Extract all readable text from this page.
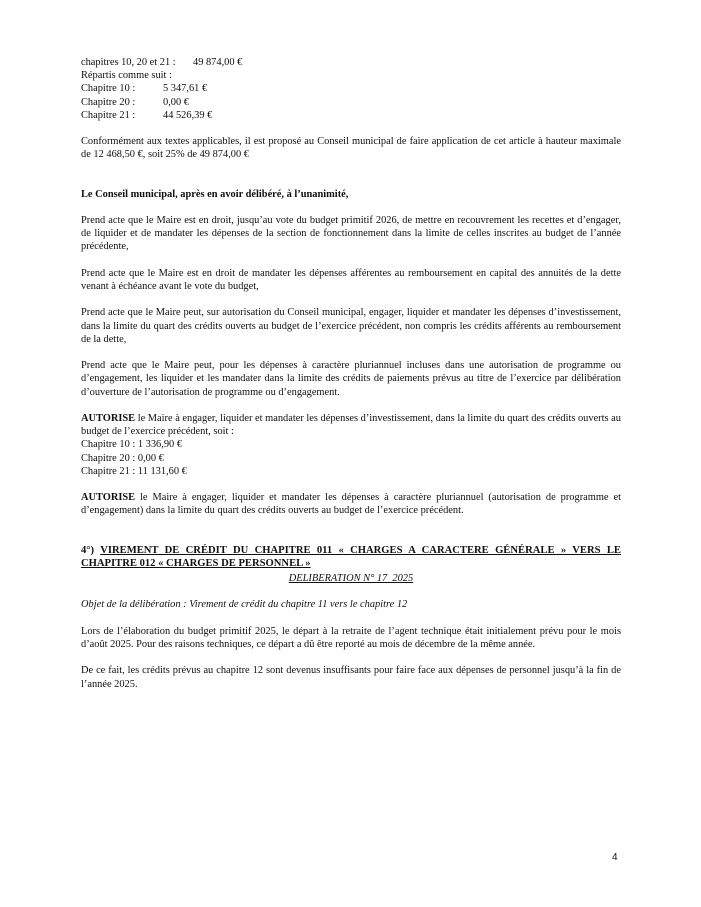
chapitres 10, 20 et 21 :	49 874,00 €

Répartis comme suit :

Chapitre 10 :	5 347,61 €
Chapitre 20 :	0,00 €
Chapitre 21 :	44 526,39 €

Conformément aux textes applicables, il est proposé au Conseil municipal de faire application de cet article à hauteur maximale de 12 468,50 €, soit 25% de 49 874,00 €

Le Conseil municipal, après en avoir délibéré, à l’unanimité,

Prend acte que le Maire est en droit, jusqu’au vote du budget primitif 2026, de mettre en recouvrement les recettes et d’engager, de liquider et de mandater les dépenses de la section de fonctionnement dans la limite de celles inscrites au budget de l’année précédente,

Prend acte que le Maire est en droit de mandater les dépenses afférentes au remboursement en capital des annuités de la dette venant à échéance avant le vote du budget,

Prend acte que le Maire peut, sur autorisation du Conseil municipal, engager, liquider et mandater les dépenses d’investissement, dans la limite du quart des crédits ouverts au budget de l’exercice précédent, non compris les crédits afférents au remboursement de la dette,

Prend acte que le Maire peut, pour les dépenses à caractère pluriannuel incluses dans une autorisation de programme ou d’engagement, les liquider et les mandater dans la limite des crédits de paiements prévus au titre de l’exercice par délibération d’ouverture de l’autorisation de programme ou d’engagement.

AUTORISE le Maire à engager, liquider et mandater les dépenses d’investissement, dans la limite du quart des crédits ouverts au budget de l’exercice précédent, soit :

Chapitre 10 : 1 336,90 €

Chapitre 20 : 0,00 €

Chapitre 21 : 11 131,60 €

AUTORISE le Maire à engager, liquider et mandater les dépenses à caractère pluriannuel (autorisation de programme et d’engagement) dans la limite du quart des crédits ouverts au budget de l’exercice précédent.

4°) VIREMENT DE CRÉDIT DU CHAPITRE 011 « CHARGES A CARACTERE GÉNÉRALE » VERS LE CHAPITRE 012 « CHARGES DE PERSONNEL »

DELIBERATION N° 17_2025

Objet de la délibération : Virement de crédit du chapitre 11 vers le chapitre 12

Lors de l’élaboration du budget primitif 2025, le départ à la retraite de l’agent technique était initialement prévu pour le mois d’août 2025. Pour des raisons techniques, ce départ a dû être reporté au mois de décembre de la même année.

De ce fait, les crédits prévus au chapitre 12 sont devenus insuffisants pour faire face aux dépenses de personnel jusqu’à la fin de l’année 2025.

4
